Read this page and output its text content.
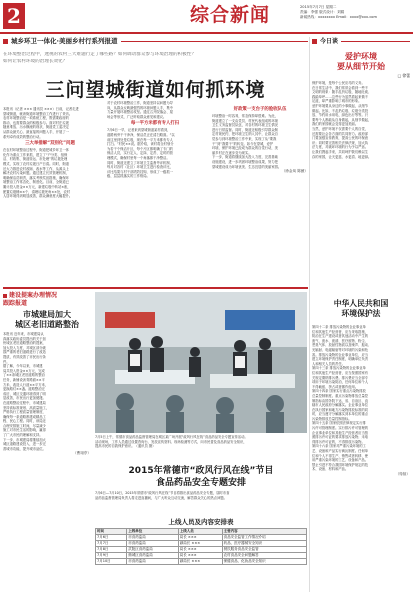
2	综合新闻	2015年7月7日 星期二
责编：李强 版式设计：刘娟
新闻热线：xxxxxxxx Email：xxxx@xxx.com
城乡环卫一体化·美丽乡村行系列报道
在环境整治过程中，透视的农村三大难题行走了哪些路？如何调动群众参与环境治理的积极性？
如何让农村环境的治理长效化？
三问望城街道如何抓环境
本报讯（记者 ××× 通讯员 ×××）日前，记者走进
望城街道，就该街道环境整治工作进行了采访。
农村环境整治是一项系统工程，既需要政府的
推动，也需要群众的积极参与。面对村庄垃圾
随意堆放、污水横流的现状，街道党工委决定
从群众最关心、最直接的问题入手，开展了一
系列卓有成效的整治行动。
三大举措解“双别化”问题
在农村环境整治过程中，街道把城乡环卫一体
化作为重点工作来抓，建立了“户分类、组保
洁、村收集、街道转运、市处理”的垃圾处理
模式，实现了农村垃圾日产日清。同时，街道
还大力推进农村改厕、改水等工作，从源头上
解决农村污染问题。通过建立长效管理机制，
明确保洁员职责，落实考核奖惩措施，确保环
境整治工作常态化、制度化。目前，全街道已
累计投入资金××万元，新建垃圾中转站×座，
配置垃圾桶××个，清理垃圾死角××处，农村
人居环境得到明显改善，群众满意度大幅提升。
对于农村环境整治工作，街道坚持以问题为导
向，从群众反映最强烈的环境问题入手，集中
力量开展环境整治攻坚。通过召开院落会、屋
场会等形式，广泛听取群众意见和建议。
每一平方米都有专人打扫
7月6日一早，记者来到望城街道某村看到，
道路两旁干干净净，保洁员正在清扫路面。“以
前这里到处是垃圾，现在每一平方米都有专人
打扫。”村民××说。据介绍，该村将全村划分
为若干个保洁片区，每个片区都明确了专门的
保洁人员，实行定人、定岗、定责、定时的管
理模式，确保村里每一个角落都干净整洁。
同时，街道还建立了环境卫生监督考评机制，
每月对各村（社区）环境卫生进行检查评比，
评比结果与村干部绩效挂钩，形成了一级抓一
级、层层抓落实的工作格局。
好政策一支台子的验收队伍
环境整治一时容易，常态保持却很难。为此，
街道建立了一支由党员、村民代表组成的环境
卫生义务监督员队伍，对各村的环境卫生情况
进行日常监督。同时，街道还积极引导群众制
定村规民约，把环境卫生纳入其中，让群众自
觉参与到环境整治工作中来，实现了从“要我
干”到“我要干”的转变。如今在望城，爱护
环境、保护环境已经成为群众的自觉行动，美
丽乡村正在逐步变为现实。
下一步，街道将继续加大投入力度，完善基础
设施建设，进一步巩固环境整治成果，努力把
望城建设成为环境优美、生态宜居的美丽家园。
（徐金凤 陈薇）
今日谈
爱护环境
要从细节开始
□ 徐蕾
保护环境，是每个公民应尽的义务。
在日常生活中，我们常常会看到一些不
文明的现象：随手乱扔垃圾、随地吐痰、
践踏草坪……这些行为虽然看起来微不
足道，却严重影响了城市的形象。
爱护环境要从身边的小事做起，从细节
做起。比如，不乱扔垃圾、垃圾分类投
放、节约用水用电、绿色出行等等。只
要每个人都能从自身做起，从细节做起，
我们的家园就会变得更加美丽。
当然，爱护环境不仅需要个人的自觉，
还需要社会各方面的共同努力。政府部
门要加强宣传教育，提高公民的环保意
识；同时要完善相关法律法规，加大执
法力度，对破坏环境的行为予以严惩。
让我们携起手来，共同呵护我们赖以生
存的家园，让天更蓝、水更清、地更绿。
中华人民共和国
环境保护法
第四十二条 排放污染物的企业事业单
位和其他生产经营者，应当采取措施，
防治在生产建设或者其他活动中产生的
废气、废水、废渣、医疗废物、粉尘、
恶臭气体、放射性物质以及噪声、振动、
光辐射、电磁辐射等对环境的污染和危
害。排放污染物的企业事业单位，应当
建立环境保护责任制度，明确单位负责
人和相关人员的责任。
第四十三条 排放污染物的企业事业单
位和其他生产经营者，应当按照国家有
关规定缴纳排污费。排污费应当全部专
项用于环境污染防治，任何单位和个人
不得截留、挤占或者挪作他用。
第四十四条 国家实行重点污染物排放
总量控制制度。重点污染物排放总量控
制指标由国务院下达，省、自治区、直
辖市人民政府分解落实。企业事业单位
在执行国家和地方污染物排放标准的同
时，应当遵守分解落实到本单位的重点
污染物排放总量控制指标。
第四十五条 国家依照法律规定实行排
污许可管理制度。实行排污许可管理的
企业事业单位和其他生产经营者应当按
照排污许可证的要求排放污染物；未取
得排污许可证的，不得排放污染物。
第四十六条 国家对严重污染环境的工
艺、设备和产品实行淘汰制度。任何单
位和个人不得生产、销售或者转移、使
用严重污染环境的工艺、设备和产品。
禁止引进不符合我国环境保护规定的技
术、设备、材料和产品。
（待续）
建设提案办理情况
跟踪报道
市城建局加大
城区老旧道路整治
本报讯 近年来，市城建局认
真落实政协委员提出的关于加
快城区老旧道路整治的提案，
加大投入力度，对城区部分破
损严重的老旧道路进行了改造
提质，有效改善了市民出行条
件。
据了解，今年以来，市城建
局共投入资金××万元，完成
了××条城区老旧道路的整治
任务，新铺设沥青路面××平
方米，改造人行道××平方米，
更换路灯××盏。道路整治完
成后，城区交通环境得到了明
显改善，市民出行更加便捷。
在道路整治过程中，市城建局
坚持高标准规划、高质量施工，
严格执行工程质量管理制度，
确保每一条道路都建成精品工
程、民心工程。同时，该局还
合理安排施工时间，尽量减少
施工对市民生活的影响，赢得
了广大市民的理解和支持。
下一步，市城建局将继续加大
城区道路建设投入，进一步完
善城市功能，提升城市品位。
（曹翊亭）
7月5日上午，常德市食品药品监督管理局在城区某广场开展“政风行风在线”食品药品安全专题宣传活动。
活动现场，工作人员通过设置咨询台、发放宣传资料、现场检测等方式，向市民普及食品药品安全知识，
提高市民的自我保护意识。（通讯员 摄）
2015年常德市“政风行风在线”节目
食品药品安全专题安排
7月6日—7月10日，2015年常德市“政风行风在线”节目将推出食品药品安全专题，届时市食
品药品监督管理局负责人将走进直播间，与广大听众互动交流，解答群众关心的热点问题。
上线人员及内容安排表
时间	上线单位	上线人员	主要内容
7月6日	市食药监局	局长 ×××	食品安全监管工作情况介绍
7月7日	市食药监局	副局长 ×××	药品、医疗器械安全知识
7月8日	武陵区食药监局	局长 ×××	餐饮服务食品安全监管
7月9日	鼎城区食药监局	局长 ×××	农村食品安全问题解答
7月10日	市食药监局	副局长 ×××	保健食品、化妆品安全知识
